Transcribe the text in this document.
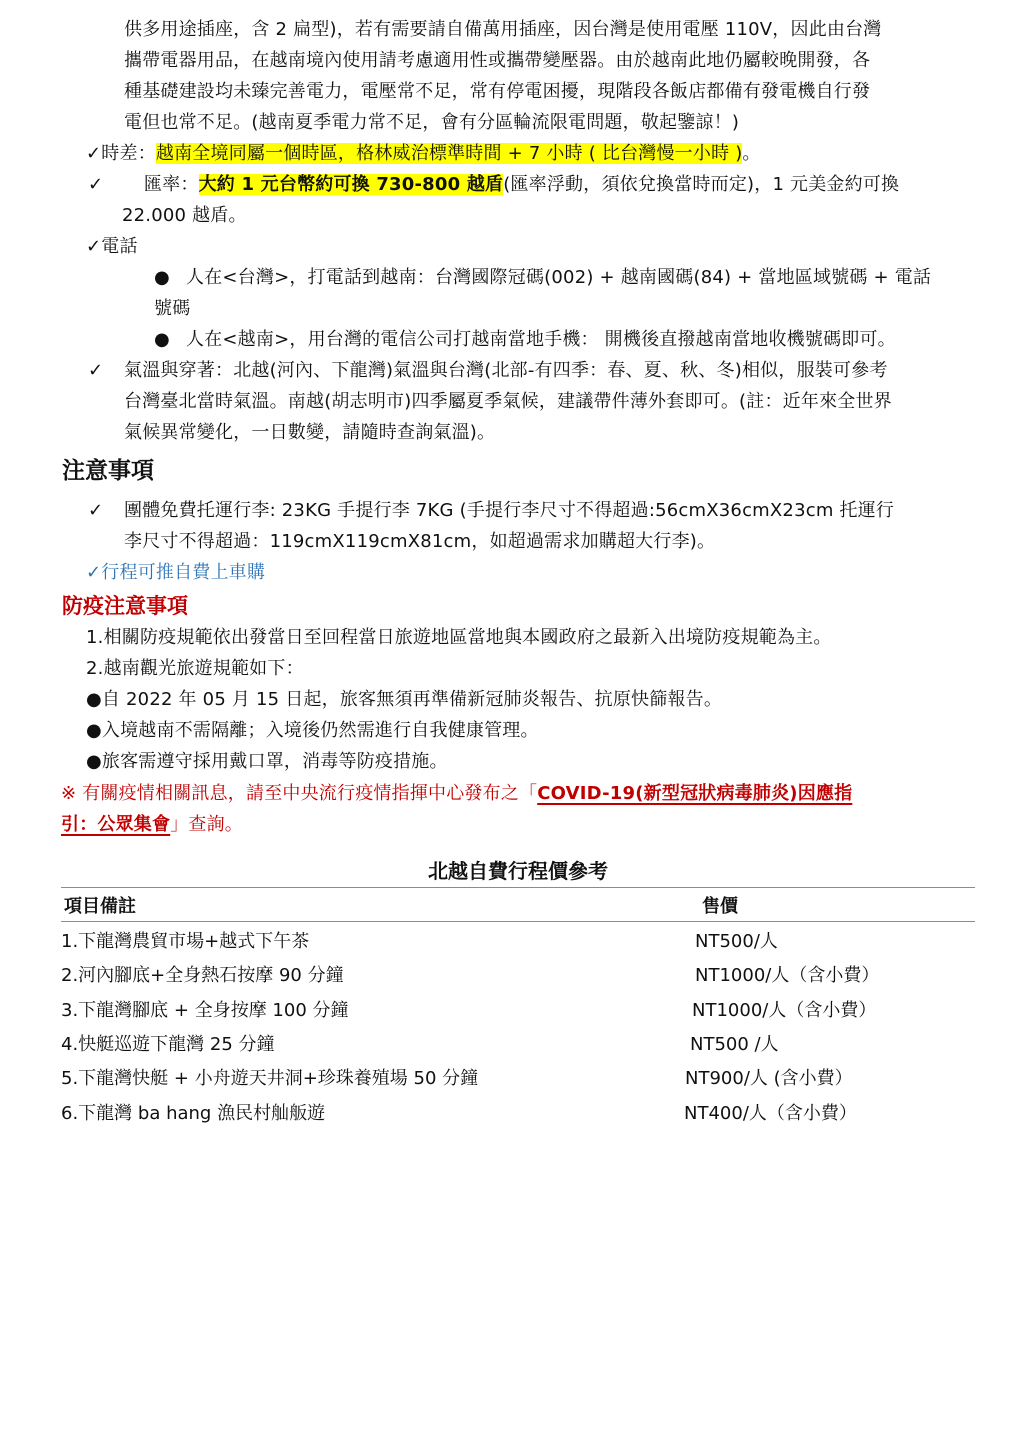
供多用途插座，含 2 扁型)，若有需要請自備萬用插座，因台灣是使用電壓 110V，因此由台灣
攜帶電器用品，在越南境內使用請考慮適用性或攜帶變壓器。由於越南此地仍屬較晚開發，各
種基礎建設均未臻完善電力，電壓常不足，常有停電困擾，現階段各飯店都備有發電機自行發
電但也常不足。(越南夏季電力常不足，會有分區輪流限電問題，敬起鑒諒！)
✓時差：越南全境同屬一個時區，格林威治標準時間 + 7 小時 ( 比台灣慢一小時 )。
✓ 匯率：大約 1 元台幣約可換 730-800 越盾(匯率浮動，須依兌換當時而定)，1 元美金約可換
22.000 越盾。
✓電話
● 人在<台灣>，打電話到越南：台灣國際冠碼(002) + 越南國碼(84) + 當地區域號碼 + 電話
號碼
● 人在<越南>，用台灣的電信公司打越南當地手機： 開機後直撥越南當地收機號碼即可。
✓ 氣溫與穿著：北越(河內、下龍灣)氣溫與台灣(北部-有四季：春、夏、秋、冬)相似，服裝可參考
台灣臺北當時氣溫。南越(胡志明市)四季屬夏季氣候，建議帶件薄外套即可。(註：近年來全世界
氣候異常變化，一日數變，請隨時查詢氣溫)。
注意事項
✓ 團體免費托運行李: 23KG 手提行李 7KG (手提行李尺寸不得超過:56cmX36cmX23cm 托運行
李尺寸不得超過：119cmX119cmX81cm，如超過需求加購超大行李)。
✓行程可推自費上車購
防疫注意事項
1.相關防疫規範依出發當日至回程當日旅遊地區當地與本國政府之最新入出境防疫規範為主。
2.越南觀光旅遊規範如下：
●自 2022 年 05 月 15 日起，旅客無須再準備新冠肺炎報告、抗原快篩報告。
●入境越南不需隔離；入境後仍然需進行自我健康管理。
●旅客需遵守採用戴口罩，消毒等防疫措施。
※ 有關疫情相關訊息，請至中央流行疫情指揮中心發布之「COVID-19(新型冠狀病毒肺炎)因應指
引：公眾集會」查詢。
北越自費行程價參考
項目備註	售價
1.下龍灣農貿市場+越式下午茶	NT500/人
2.河內腳底+全身熱石按摩 90 分鐘	NT1000/人（含小費）
3.下龍灣腳底 + 全身按摩 100 分鐘	NT1000/人（含小費）
4.快艇巡遊下龍灣 25 分鐘	NT500 /人
5.下龍灣快艇 + 小舟遊天井洞+珍珠養殖場 50 分鐘	NT900/人 (含小費）
6.下龍灣 ba hang 漁民村舢舨遊	NT400/人（含小費）
